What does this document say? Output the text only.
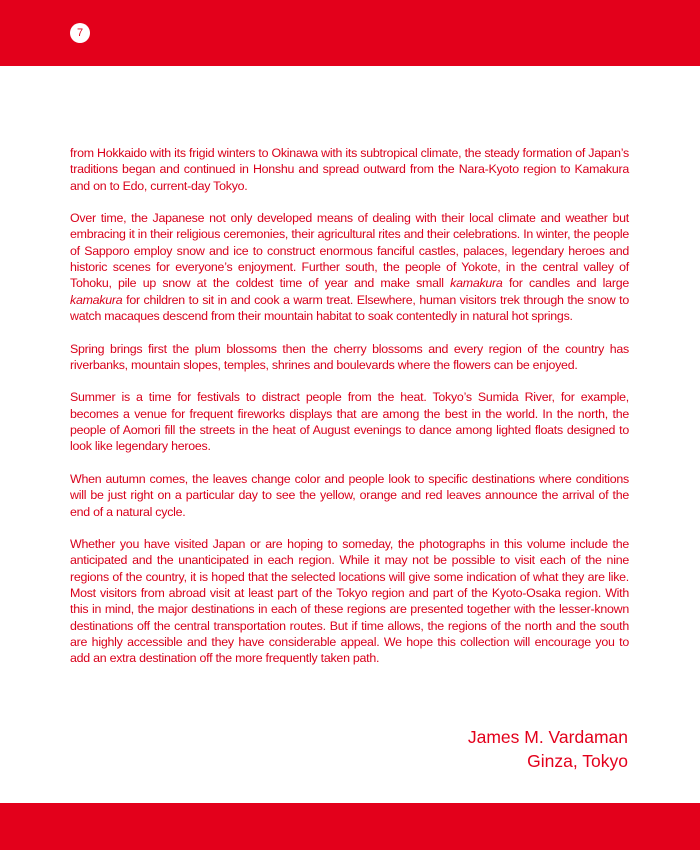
7

from Hokkaido with its frigid winters to Okinawa with its subtropical climate, the steady formation of Japan’s traditions began and continued in Honshu and spread outward from the Nara-Kyoto region to Kamakura and on to Edo, current-day Tokyo.

Over time, the Japanese not only developed means of dealing with their local climate and weather but embracing it in their religious ceremonies, their agricultural rites and their celebrations. In winter, the people of Sapporo employ snow and ice to construct enormous fanciful castles, palaces, legendary heroes and historic scenes for everyone’s enjoyment. Further south, the people of Yokote, in the central valley of Tohoku, pile up snow at the coldest time of year and make small kamakura for candles and large kamakura for children to sit in and cook a warm treat. Elsewhere, human visitors trek through the snow to watch macaques descend from their mountain habitat to soak contentedly in natural hot springs.

Spring brings first the plum blossoms then the cherry blossoms and every region of the country has riverbanks, mountain slopes, temples, shrines and boulevards where the flowers can be enjoyed.

Summer is a time for festivals to distract people from the heat. Tokyo’s Sumida River, for example, becomes a venue for frequent fireworks displays that are among the best in the world. In the north, the people of Aomori fill the streets in the heat of August evenings to dance among lighted floats designed to look like legendary heroes.

When autumn comes, the leaves change color and people look to specific destinations where conditions will be just right on a particular day to see the yellow, orange and red leaves announce the arrival of the end of a natural cycle.

Whether you have visited Japan or are hoping to someday, the photographs in this volume include the anticipated and the unanticipated in each region. While it may not be possible to visit each of the nine regions of the country, it is hoped that the selected locations will give some indication of what they are like. Most visitors from abroad visit at least part of the Tokyo region and part of the Kyoto-Osaka region. With this in mind, the major destinations in each of these regions are presented together with the lesser-known destinations off the central transportation routes. But if time allows, the regions of the north and the south are highly accessible and they have considerable appeal. We hope this collection will encourage you to add an extra destination off the more frequently taken path.

James M. Vardaman
Ginza, Tokyo
